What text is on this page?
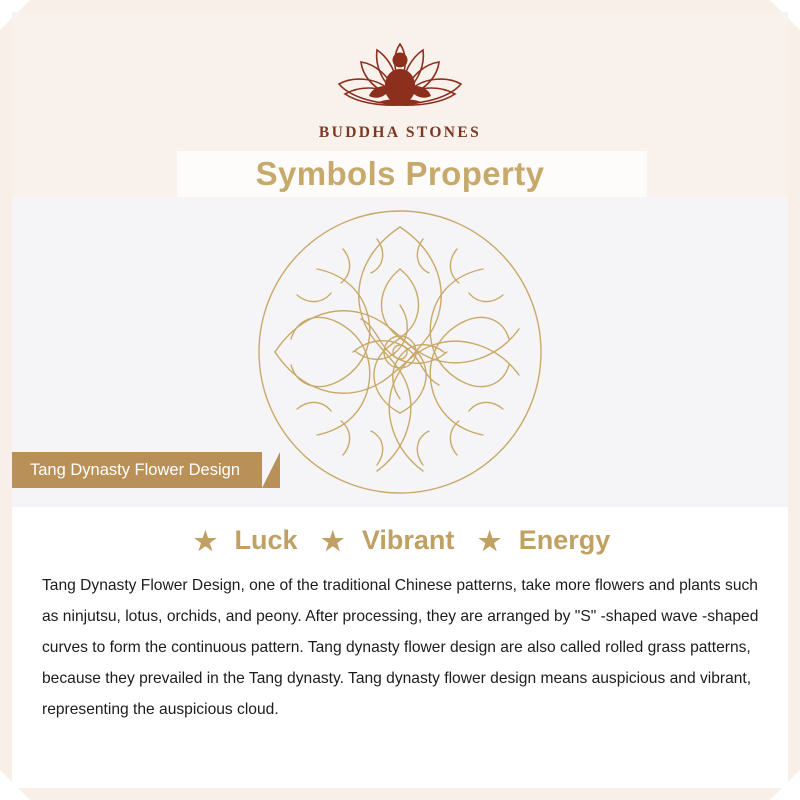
BUDDHA STONES
Symbols Property
Tang Dynasty Flower Design
★ Luck ★ Vibrant ★ Energy
Tang Dynasty Flower Design, one of the traditional Chinese patterns, take more flowers and plants such as ninjutsu, lotus, orchids, and peony. After processing, they are arranged by "S" -shaped wave -shaped curves to form the continuous pattern. Tang dynasty flower design are also called rolled grass patterns, because they prevailed in the Tang dynasty. Tang dynasty flower design means auspicious and vibrant, representing the auspicious cloud.
